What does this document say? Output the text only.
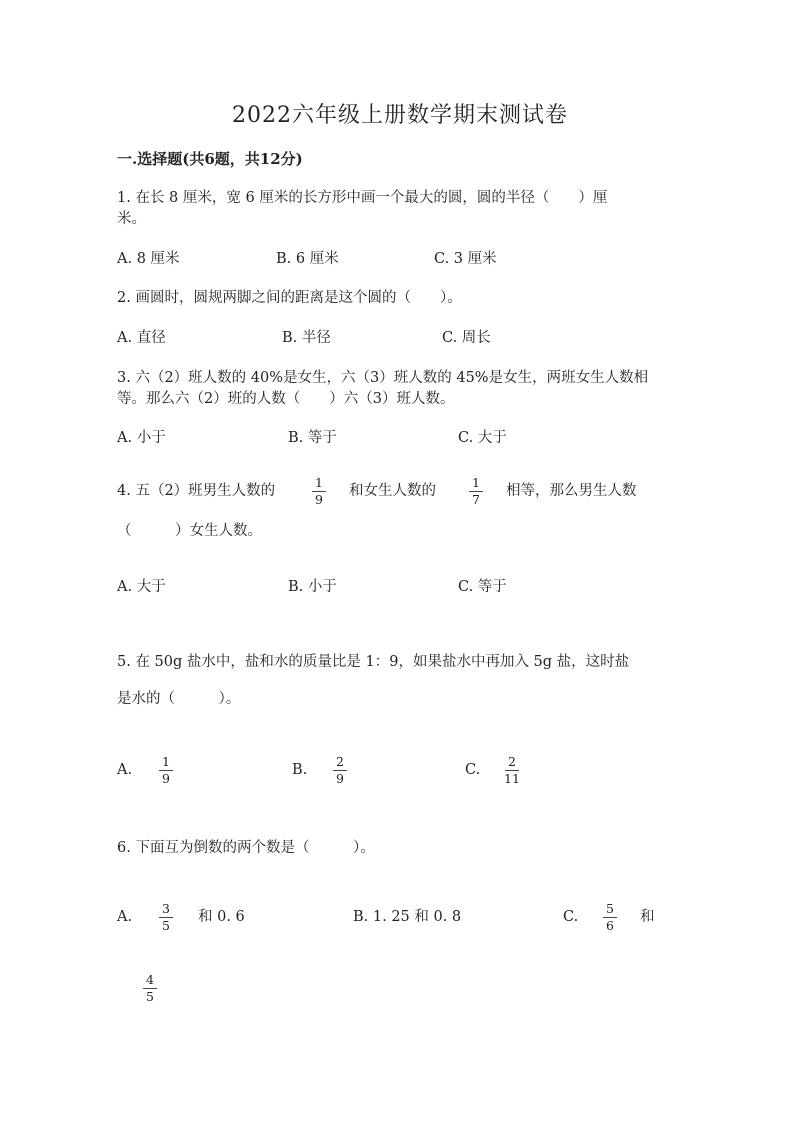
2022六年级上册数学期末测试卷
一.选择题(共6题，共12分)
1. 在长 8 厘米，宽 6 厘米的长方形中画一个最大的圆，圆的半径（　　）厘
米。
A. 8 厘米	B. 6 厘米	C. 3 厘米
2. 画圆时，圆规两脚之间的距离是这个圆的（　　）。
A. 直径	B. 半径	C. 周长
3. 六（2）班人数的 40%是女生，六（3）班人数的 45%是女生，两班女生人数相
等。那么六（2）班的人数（　　）六（3）班人数。
A. 小于	B. 等于	C. 大于
4. 五（2）班男生人数的
1
9
和女生人数的
1
7
相等，那么男生人数
（　　　）女生人数。
A. 大于	B. 小于	C. 等于
5. 在 50g 盐水中，盐和水的质量比是 1：9，如果盐水中再加入 5g 盐，这时盐
是水的（　　　）。
A.
1
9
B.
2
9
C.
2
11
6. 下面互为倒数的两个数是（　　　）。
A.
3
5
和 0. 6	B. 1. 25 和 0. 8	C.
5
6
和
4
5
